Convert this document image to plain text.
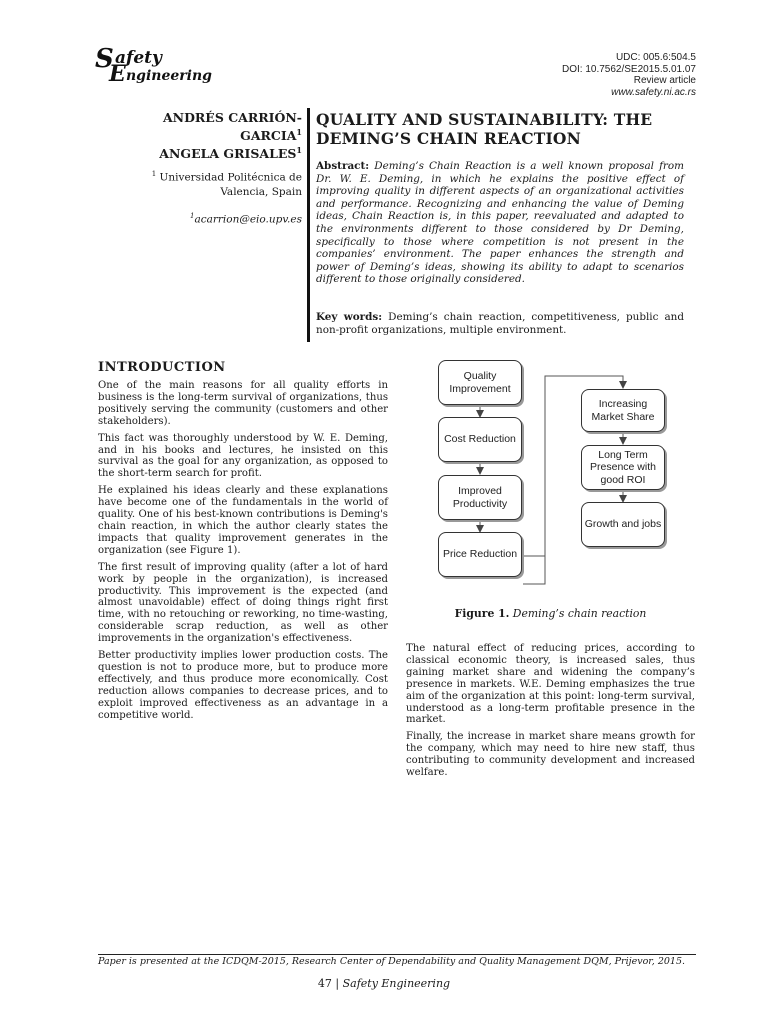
S afety
E ngineering
UDC: 005.6:504.5
DOI: 10.7562/SE2015.5.01.07
Review article
www.safety.ni.ac.rs
ANDRÉS CARRIÓN-GARCIA$^1$
ANGELA GRISALES$^1$
$^1$ Universidad Politécnica de Valencia, Spain
$^1$acarrion@eio.upv.es
QUALITY AND SUSTAINABILITY: THE DEMING’S CHAIN REACTION
Abstract: Deming’s Chain Reaction is a well known proposal from Dr. W. E. Deming, in which he explains the positive effect of improving quality in different aspects of an organizational activities and performance. Recognizing and enhancing the value of Deming ideas, Chain Reaction is, in this paper, reevaluated and adapted to the environments different to those considered by Dr Deming, specifically to those where competition is not present in the companies’ environment. The paper enhances the strength and power of Deming’s ideas, showing its ability to adapt to scenarios different to those originally considered.
Key words: Deming’s chain reaction, competitiveness, public and non-profit organizations, multiple environment.
INTRODUCTION

One of the main reasons for all quality efforts in business is the long-term survival of organizations, thus positively serving the community (customers and other stakeholders).

This fact was thoroughly understood by W. E. Deming, and in his books and lectures, he insisted on this survival as the goal for any organization, as opposed to the short-term search for profit.

He explained his ideas clearly and these explanations have become one of the fundamentals in the world of quality. One of his best-known contributions is Deming's chain reaction, in which the author clearly states the impacts that quality improvement generates in the organization (see Figure 1).

The first result of improving quality (after a lot of hard work by people in the organization), is increased productivity. This improvement is the expected (and almost unavoidable) effect of doing things right first time, with no retouching or reworking, no time-wasting, considerable scrap reduction, as well as other improvements in the organization's effectiveness.

Better productivity implies lower production costs. The question is not to produce more, but to produce more effectively, and thus produce more economically. Cost reduction allows companies to decrease prices, and to exploit improved effectiveness as an advantage in a competitive world.

Quality Improvement
Cost Reduction
Improved Productivity
Price Reduction
Increasing Market Share
Long Term Presence with good ROI
Growth and jobs
Figure 1. Deming’s chain reaction

The natural effect of reducing prices, according to classical economic theory, is increased sales, thus gaining market share and widening the company’s presence in markets. W.E. Deming emphasizes the true aim of the organization at this point: long-term survival, understood as a long-term profitable presence in the market.

Finally, the increase in market share means growth for the company, which may need to hire new staff, thus contributing to community development and increased welfare.

Paper is presented at the ICDQM-2015, Research Center of Dependability and Quality Management DQM, Prijevor, 2015.
47 | Safety Engineering
